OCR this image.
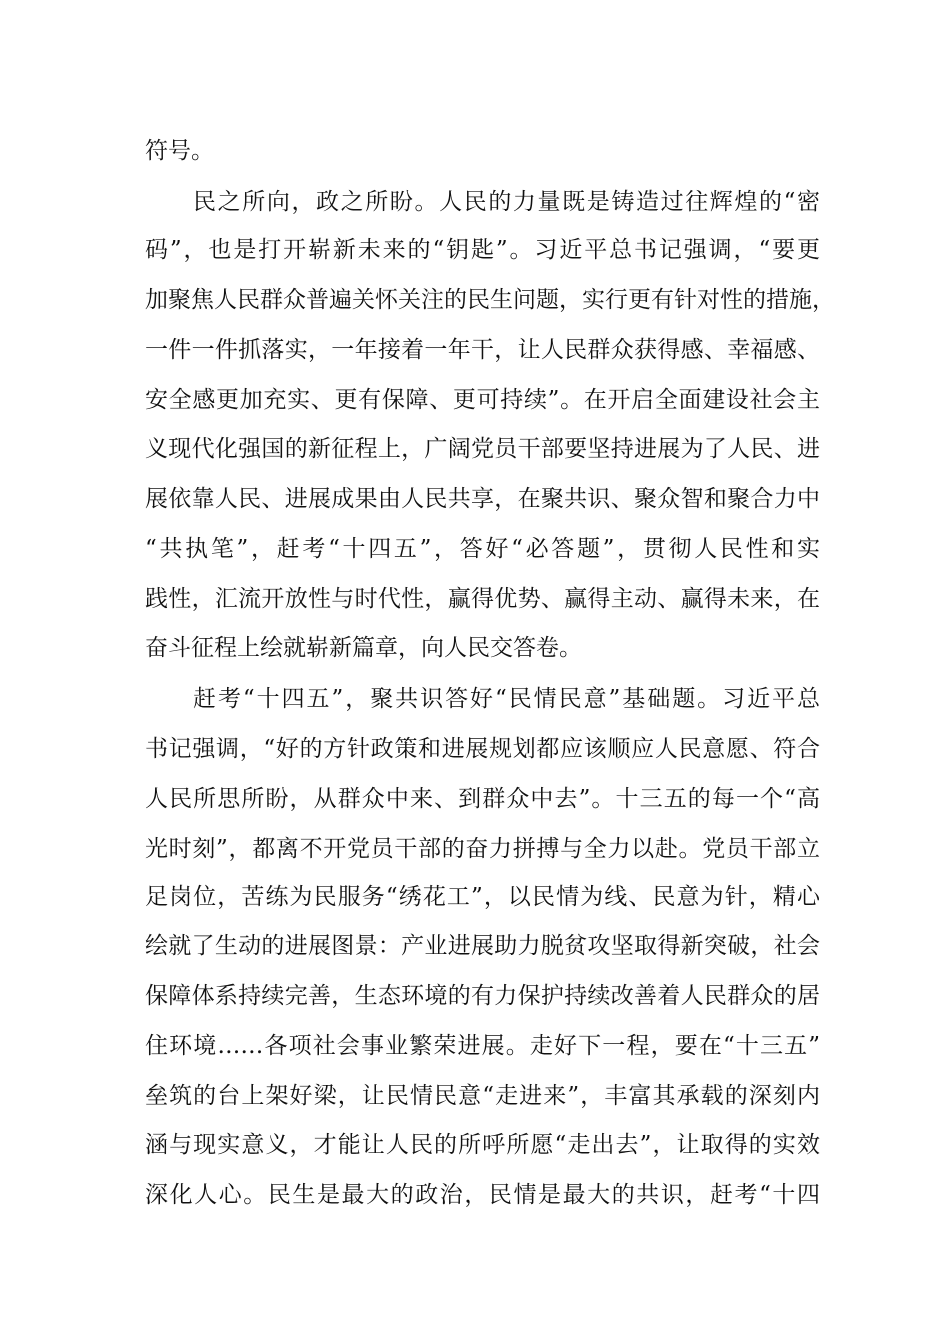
符号。
民之所向，政之所盼。人民的力量既是铸造过往辉煌的“密
码”，也是打开崭新未来的“钥匙”。习近平总书记强调，“要更
加聚焦人民群众普遍关怀关注的民生问题，实行更有针对性的措施，
一件一件抓落实，一年接着一年干，让人民群众获得感、幸福感、
安全感更加充实、更有保障、更可持续”。在开启全面建设社会主
义现代化强国的新征程上，广阔党员干部要坚持进展为了人民、进
展依靠人民、进展成果由人民共享，在聚共识、聚众智和聚合力中
“共执笔”，赶考“十四五”，答好“必答题”，贯彻人民性和实
践性，汇流开放性与时代性，赢得优势、赢得主动、赢得未来，在
奋斗征程上绘就崭新篇章，向人民交答卷。
赶考“十四五”，聚共识答好“民情民意”基础题。习近平总
书记强调，“好的方针政策和进展规划都应该顺应人民意愿、符合
人民所思所盼，从群众中来、到群众中去”。十三五的每一个“高
光时刻”，都离不开党员干部的奋力拼搏与全力以赴。党员干部立
足岗位，苦练为民服务“绣花工”，以民情为线、民意为针，精心
绘就了生动的进展图景：产业进展助力脱贫攻坚取得新突破，社会
保障体系持续完善，生态环境的有力保护持续改善着人民群众的居
住环境……各项社会事业繁荣进展。走好下一程，要在“十三五”
垒筑的台上架好梁，让民情民意“走进来”，丰富其承载的深刻内
涵与现实意义，才能让人民的所呼所愿“走出去”，让取得的实效
深化人心。民生是最大的政治，民情是最大的共识，赶考“十四
